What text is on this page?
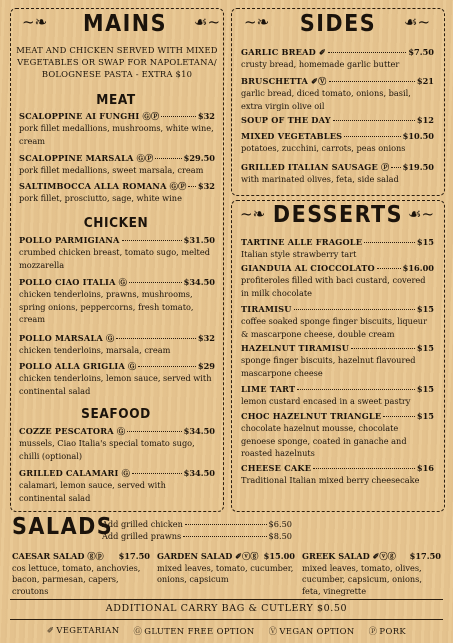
~❧	MAINS	☙~
MEAT AND CHICKEN SERVED WITH MIXED VEGETABLES OR SWAP FOR NAPOLETANA/ BOLOGNESE PASTA - EXTRA $10
MEAT
SCALOPPINE AI FUNGHI ⒼⓅ	$32
pork fillet medallions, mushrooms, white wine, cream
SCALOPPINE MARSALA ⒼⓅ	$29.50
pork fillet medallions, sweet marsala, cream
SALTIMBOCCA ALLA ROMANA ⒼⓅ $32
pork fillet, prosciutto, sage, white wine
CHICKEN
POLLO PARMIGIANA	$31.50
crumbed chicken breast, tomato sugo, melted mozzarella
POLLO CIAO ITALIA Ⓖ	$34.50
chicken tenderloins, prawns, mushrooms, spring onions, peppercorns, fresh tomato, cream
POLLO MARSALA Ⓖ	$32
chicken tenderloins, marsala, cream
POLLO ALLA GRIGLIA Ⓖ	$29
chicken tenderloins, lemon sauce, served with continental salad
SEAFOOD
COZZE PESCATORA Ⓖ	$34.50
mussels, Ciao Italia's special tomato sugo, chilli (optional)
GRILLED CALAMARI Ⓖ	$34.50
calamari, lemon sauce, served with continental salad
~❧	SIDES	☙~
GARLIC BREAD ✐	$7.50
crusty bread, homemade garlic butter
BRUSCHETTA ✐Ⓥ	$21
garlic bread, diced tomato, onions, basil, extra virgin olive oil
SOUP OF THE DAY	$12
MIXED VEGETABLES	$10.50
potatoes, zucchini, carrots, peas onions
GRILLED ITALIAN SAUSAGE Ⓟ $19.50
with marinated olives, feta, side salad
~❧ DESSERTS ☙~
TARTINE ALLE FRAGOLE	$15
Italian style strawberry tart
GIANDUIA AL CIOCCOLATO	$16.00
profiteroles filled with baci custard, covered in milk chocolate
TIRAMISU	$15
coffee soaked sponge finger biscuits, liqueur & mascarpone cheese, double cream
HAZELNUT TIRAMISU	$15
sponge finger biscuits, hazelnut flavoured mascarpone cheese
LIME TART	$15
lemon custard encased in a sweet pastry
CHOC HAZELNUT TRIANGLE	$15
chocolate hazelnut mousse, chocolate genoese sponge, coated in ganache and roasted hazelnuts
CHEESE CAKE	$16
Traditional Italian mixed berry cheesecake
SALADS
Add grilled chicken	$6.50
Add grilled prawns	$8.50
CAESAR SALAD ⓖⓟ $17.50
cos lettuce, tomato, anchovies, bacon, parmesan, capers, croutons
GARDEN SALAD ✐ⓥⓖ $15.00
mixed leaves, tomato, cucumber, onions, capsicum
GREEK SALAD ✐ⓥⓖ $17.50
mixed leaves, tomato, olives, cucumber, capsicum, onions, feta, vinegrette
ADDITIONAL CARRY BAG & CUTLERY $0.50
✐ VEGETARIAN Ⓖ GLUTEN FREE OPTION Ⓥ VEGAN OPTION Ⓟ PORK
